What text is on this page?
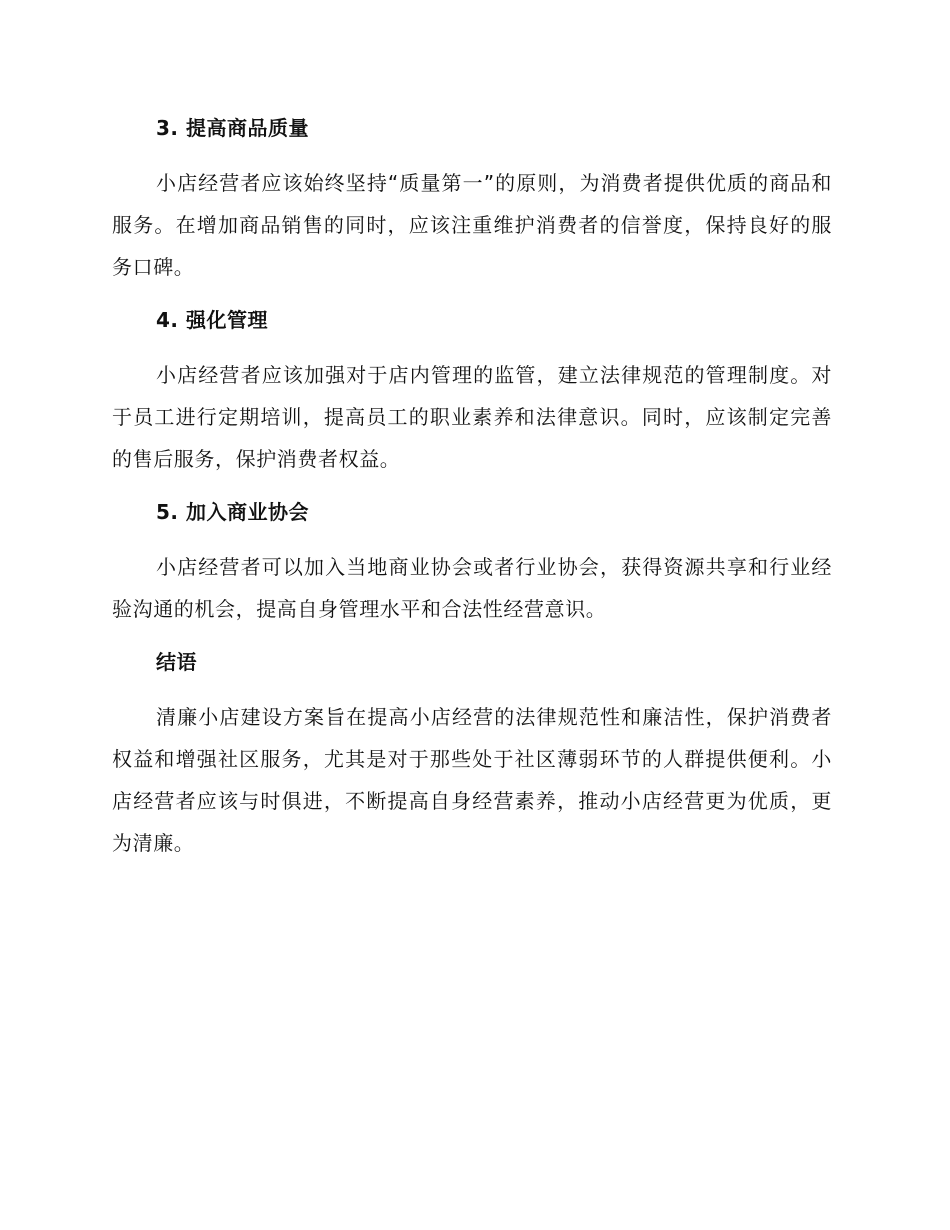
3. 提高商品质量

小店经营者应该始终坚持“质量第一”的原则，为消费者提供优质的商品和服务。在增加商品销售的同时，应该注重维护消费者的信誉度，保持良好的服务口碑。

4. 强化管理

小店经营者应该加强对于店内管理的监管，建立法律规范的管理制度。对于员工进行定期培训，提高员工的职业素养和法律意识。同时，应该制定完善的售后服务，保护消费者权益。

5. 加入商业协会

小店经营者可以加入当地商业协会或者行业协会，获得资源共享和行业经验沟通的机会，提高自身管理水平和合法性经营意识。

结语

清廉小店建设方案旨在提高小店经营的法律规范性和廉洁性，保护消费者权益和增强社区服务，尤其是对于那些处于社区薄弱环节的人群提供便利。小店经营者应该与时俱进，不断提高自身经营素养，推动小店经营更为优质，更为清廉。
